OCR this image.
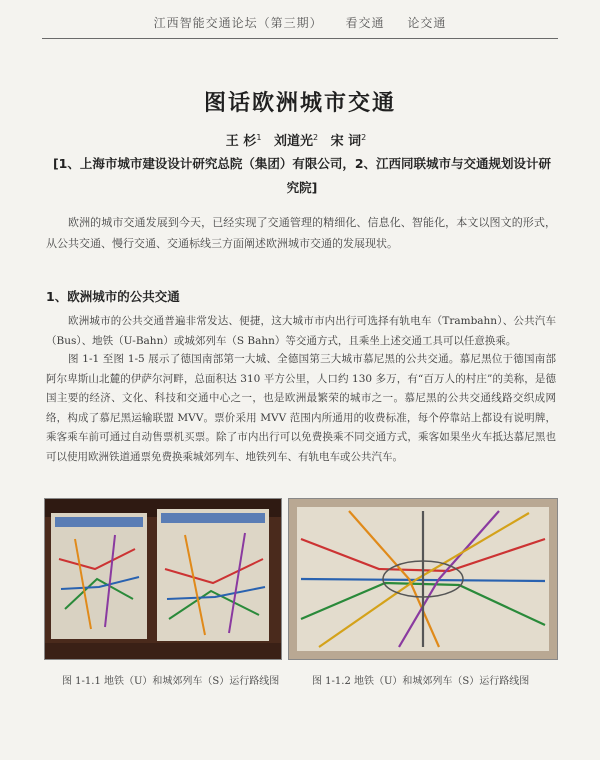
江西智能交通论坛（第三期） 看交通 论交通
图话欧洲城市交通
王 杉$^1$ 刘道光$^2$ 宋 词$^2$
[1、上海市城市建设设计研究总院（集团）有限公司，2、江西同联城市与交通规划设计研究院]
欧洲的城市交通发展到今天，已经实现了交通管理的精细化、信息化、智能化，本文以图文的形式，从公共交通、慢行交通、交通标线三方面阐述欧洲城市交通的发展现状。
1、欧洲城市的公共交通

欧洲城市的公共交通普遍非常发达、便捷，这大城市市内出行可选择有轨电车（Trambahn）、公共汽车（Bus）、地铁（U-Bahn）或城郊列车（S Bahn）等交通方式，且乘坐上述交通工具可以任意换乘。

图 1-1 至图 1-5 展示了德国南部第一大城、全德国第三大城市慕尼黑的公共交通。慕尼黑位于德国南部阿尔卑斯山北麓的伊萨尔河畔，总面积达 310 平方公里，人口约 130 多万，有“百万人的村庄”的美称，是德国主要的经济、文化、科技和交通中心之一，也是欧洲最繁荣的城市之一。慕尼黑的公共交通线路交织成网络，构成了慕尼黑运输联盟 MVV。票价采用 MVV 范围内所通用的收费标准，每个停靠站上都设有说明牌，乘客乘车前可通过自动售票机买票。除了市内出行可以免费换乘不同交通方式，乘客如果坐火车抵达慕尼黑也可以使用欧洲铁道通票免费换乘城郊列车、地铁列车、有轨电车或公共汽车。

图 1-1.1 地铁（U）和城郊列车（S）运行路线图	图 1-1.2 地铁（U）和城郊列车（S）运行路线图
